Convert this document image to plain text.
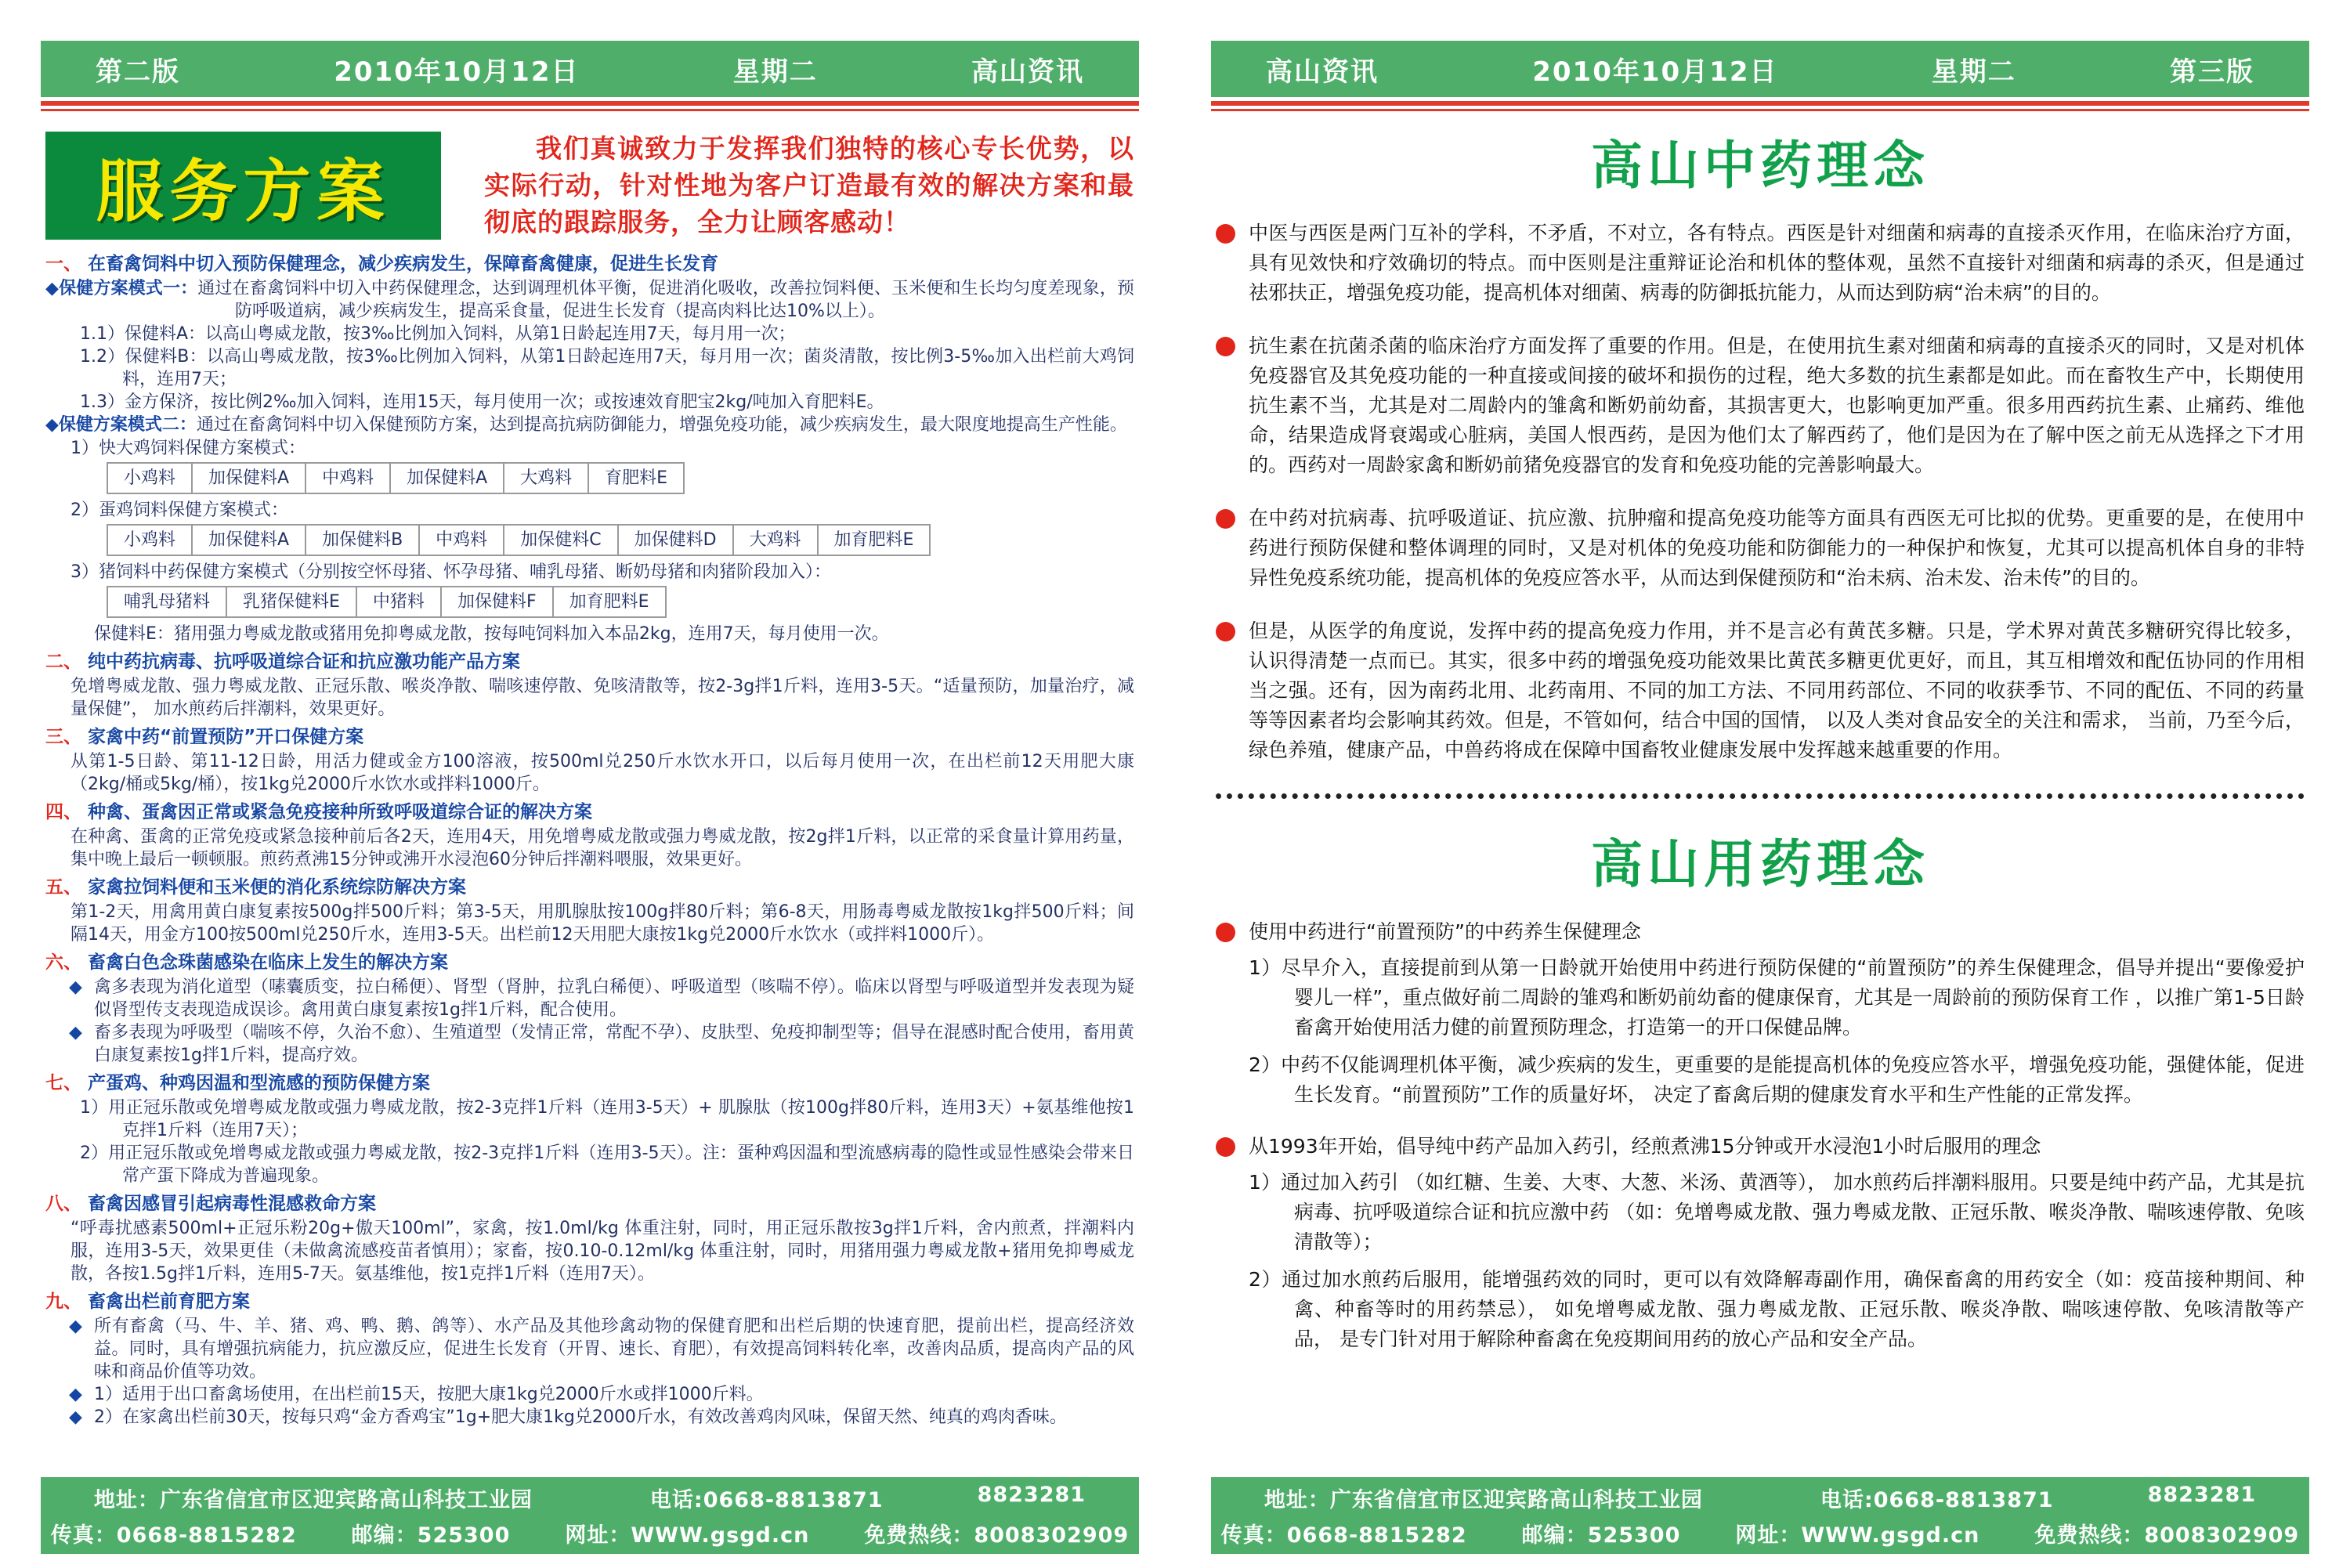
第二版	2010年10月12日	星期二	高山资讯
服务方案

我们真诚致力于发挥我们独特的核心专长优势，以实际行动，针对性地为客户订造最有效的解决方案和最彻底的跟踪服务，全力让顾客感动！

一、 在畜禽饲料中切入预防保健理念，减少疾病发生，保障畜禽健康，促进生长发育

◆保健方案模式一：通过在畜禽饲料中切入中药保健理念，达到调理机体平衡，促进消化吸收，改善拉饲料便、玉米便和生长均匀度差现象，预防呼吸道病，减少疾病发生，提高采食量，促进生长发育（提高肉料比达10%以上）。

1.1）保健料A：以高山粤威龙散，按3‰比例加入饲料，从第1日龄起连用7天，每月用一次；

1.2）保健料B：以高山粤威龙散，按3‰比例加入饲料，从第1日龄起连用7天，每月用一次；菌炎清散，按比例3-5‰加入出栏前大鸡饲料，连用7天；

1.3）金方保济，按比例2‰加入饲料，连用15天，每月使用一次；或按速效育肥宝2kg/吨加入育肥料E。

◆保健方案模式二：通过在畜禽饲料中切入保健预防方案，达到提高抗病防御能力，增强免疫功能，减少疾病发生，最大限度地提高生产性能。

1）快大鸡饲料保健方案模式：

小鸡料	加保健料A	中鸡料	加保健料A	大鸡料	育肥料E

2）蛋鸡饲料保健方案模式：

小鸡料	加保健料A	加保健料B	中鸡料	加保健料C	加保健料D	大鸡料	加育肥料E

3）猪饲料中药保健方案模式（分别按空怀母猪、怀孕母猪、哺乳母猪、断奶母猪和肉猪阶段加入）：

哺乳母猪料	乳猪保健料E	中猪料	加保健料F	加育肥料E

保健料E：猪用强力粤威龙散或猪用免抑粤威龙散，按每吨饲料加入本品2kg，连用7天，每月使用一次。

二、 纯中药抗病毒、抗呼吸道综合证和抗应激功能产品方案

免增粤威龙散、强力粤威龙散、正冠乐散、喉炎净散、喘咳速停散、免咳清散等，按2-3g拌1斤料，连用3-5天。“适量预防，加量治疗，减量保健”， 加水煎药后拌潮料，效果更好。

三、 家禽中药“前置预防”开口保健方案

从第1-5日龄、第11-12日龄，用活力健或金方100溶液，按500ml兑250斤水饮水开口，以后每月使用一次，在出栏前12天用肥大康（2kg/桶或5kg/桶），按1kg兑2000斤水饮水或拌料1000斤。

四、 种禽、蛋禽因正常或紧急免疫接种所致呼吸道综合证的解决方案

在种禽、蛋禽的正常免疫或紧急接种前后各2天，连用4天，用免增粤威龙散或强力粤威龙散，按2g拌1斤料，以正常的采食量计算用药量，集中晚上最后一顿顿服。煎药煮沸15分钟或沸开水浸泡60分钟后拌潮料喂服，效果更好。

五、 家禽拉饲料便和玉米便的消化系统综防解决方案

第1-2天，用禽用黄白康复素按500g拌500斤料；第3-5天，用肌腺肽按100g拌80斤料；第6-8天，用肠毒粤威龙散按1kg拌500斤料；间隔14天，用金方100按500ml兑250斤水，连用3-5天。出栏前12天用肥大康按1kg兑2000斤水饮水（或拌料1000斤）。

六、 畜禽白色念珠菌感染在临床上发生的解决方案

◆ 禽多表现为消化道型（嗉囊质变，拉白稀便）、肾型（肾肿，拉乳白稀便）、呼吸道型（咳喘不停）。临床以肾型与呼吸道型并发表现为疑似肾型传支表现造成误诊。禽用黄白康复素按1g拌1斤料，配合使用。

◆ 畜多表现为呼吸型（喘咳不停，久治不愈）、生殖道型（发情正常，常配不孕）、皮肤型、免疫抑制型等；倡导在混感时配合使用，畜用黄白康复素按1g拌1斤料，提高疗效。

七、 产蛋鸡、种鸡因温和型流感的预防保健方案

1）用正冠乐散或免增粤威龙散或强力粤威龙散，按2-3克拌1斤料（连用3-5天）+ 肌腺肽（按100g拌80斤料，连用3天）+氨基维他按1克拌1斤料（连用7天）；

2）用正冠乐散或免增粤威龙散或强力粤威龙散，按2-3克拌1斤料（连用3-5天）。注：蛋种鸡因温和型流感病毒的隐性或显性感染会带来日常产蛋下降成为普遍现象。

八、 畜禽因感冒引起病毒性混感救命方案

“呼毒扰感素500ml+正冠乐粉20g+傲天100ml”，家禽，按1.0ml/kg 体重注射，同时，用正冠乐散按3g拌1斤料，舍内煎煮，拌潮料内服，连用3-5天，效果更佳（未做禽流感疫苗者慎用）；家畜，按0.10-0.12ml/kg 体重注射，同时，用猪用强力粤威龙散+猪用免抑粤威龙散，各按1.5g拌1斤料，连用5-7天。氨基维他，按1克拌1斤料（连用7天）。

九、 畜禽出栏前育肥方案

◆ 所有畜禽（马、牛、羊、猪、鸡、鸭、鹅、鸽等）、水产品及其他珍禽动物的保健育肥和出栏后期的快速育肥，提前出栏，提高经济效益。同时，具有增强抗病能力，抗应激反应，促进生长发育（开胃、速长、育肥），有效提高饲料转化率，改善肉品质，提高肉产品的风味和商品价值等功效。

◆ 1）适用于出口畜禽场使用，在出栏前15天，按肥大康1kg兑2000斤水或拌1000斤料。

◆ 2）在家禽出栏前30天，按每只鸡“金方香鸡宝”1g+肥大康1kg兑2000斤水，有效改善鸡肉风味，保留天然、纯真的鸡肉香味。

地址：广东省信宜市区迎宾路高山科技工业园	电话:0668-8813871	8823281
传真：0668-8815282	邮编：525300	网址：WWW.gsgd.cn	免费热线：8008302909
高山资讯	2010年10月12日	星期二	第三版
高山中药理念

中医与西医是两门互补的学科，不矛盾，不对立，各有特点。西医是针对细菌和病毒的直接杀灭作用，在临床治疗方面，具有见效快和疗效确切的特点。而中医则是注重辩证论治和机体的整体观，虽然不直接针对细菌和病毒的杀灭，但是通过祛邪扶正，增强免疫功能，提高机体对细菌、病毒的防御抵抗能力，从而达到防病“治未病”的目的。

抗生素在抗菌杀菌的临床治疗方面发挥了重要的作用。但是，在使用抗生素对细菌和病毒的直接杀灭的同时，又是对机体免疫器官及其免疫功能的一种直接或间接的破坏和损伤的过程，绝大多数的抗生素都是如此。而在畜牧生产中，长期使用抗生素不当，尤其是对二周龄内的雏禽和断奶前幼畜，其损害更大，也影响更加严重。很多用西药抗生素、止痛药、维他命，结果造成肾衰竭或心脏病，美国人恨西药，是因为他们太了解西药了，他们是因为在了解中医之前无从选择之下才用的。西药对一周龄家禽和断奶前猪免疫器官的发育和免疫功能的完善影响最大。

在中药对抗病毒、抗呼吸道证、抗应激、抗肿瘤和提高免疫功能等方面具有西医无可比拟的优势。更重要的是，在使用中药进行预防保健和整体调理的同时，又是对机体的免疫功能和防御能力的一种保护和恢复，尤其可以提高机体自身的非特异性免疫系统功能，提高机体的免疫应答水平，从而达到保健预防和“治未病、治未发、治未传”的目的。

但是，从医学的角度说，发挥中药的提高免疫力作用，并不是言必有黄芪多糖。只是，学术界对黄芪多糖研究得比较多，认识得清楚一点而已。其实，很多中药的增强免疫功能效果比黄芪多糖更优更好，而且，其互相增效和配伍协同的作用相当之强。还有，因为南药北用、北药南用、不同的加工方法、不同用药部位、不同的收获季节、不同的配伍、不同的药量等等因素者均会影响其药效。但是，不管如何，结合中国的国情， 以及人类对食品安全的关注和需求， 当前，乃至今后，绿色养殖，健康产品，中兽药将成在保障中国畜牧业健康发展中发挥越来越重要的作用。

高山用药理念

使用中药进行“前置预防”的中药养生保健理念

1）尽早介入，直接提前到从第一日龄就开始使用中药进行预防保健的“前置预防”的养生保健理念，倡导并提出“要像爱护婴儿一样”，重点做好前二周龄的雏鸡和断奶前幼畜的健康保育，尤其是一周龄前的预防保育工作 ，以推广第1-5日龄畜禽开始使用活力健的前置预防理念，打造第一的开口保健品牌。

2）中药不仅能调理机体平衡，减少疾病的发生，更重要的是能提高机体的免疫应答水平，增强免疫功能，强健体能，促进生长发育。“前置预防”工作的质量好坏， 决定了畜禽后期的健康发育水平和生产性能的正常发挥。

从1993年开始，倡导纯中药产品加入药引，经煎煮沸15分钟或开水浸泡1小时后服用的理念

1）通过加入药引 （如红糖、生姜、大枣、大葱、米汤、黄酒等）， 加水煎药后拌潮料服用。只要是纯中药产品，尤其是抗病毒、抗呼吸道综合证和抗应激中药 （如：免增粤威龙散、强力粤威龙散、正冠乐散、喉炎净散、喘咳速停散、免咳清散等）；

2）通过加水煎药后服用，能增强药效的同时，更可以有效降解毒副作用，确保畜禽的用药安全（如：疫苗接种期间、种禽、种畜等时的用药禁忌）， 如免增粤威龙散、强力粤威龙散、正冠乐散、喉炎净散、喘咳速停散、免咳清散等产品， 是专门针对用于解除种畜禽在免疫期间用药的放心产品和安全产品。

地址：广东省信宜市区迎宾路高山科技工业园	电话:0668-8813871	8823281
传真：0668-8815282	邮编：525300	网址：WWW.gsgd.cn	免费热线：8008302909
